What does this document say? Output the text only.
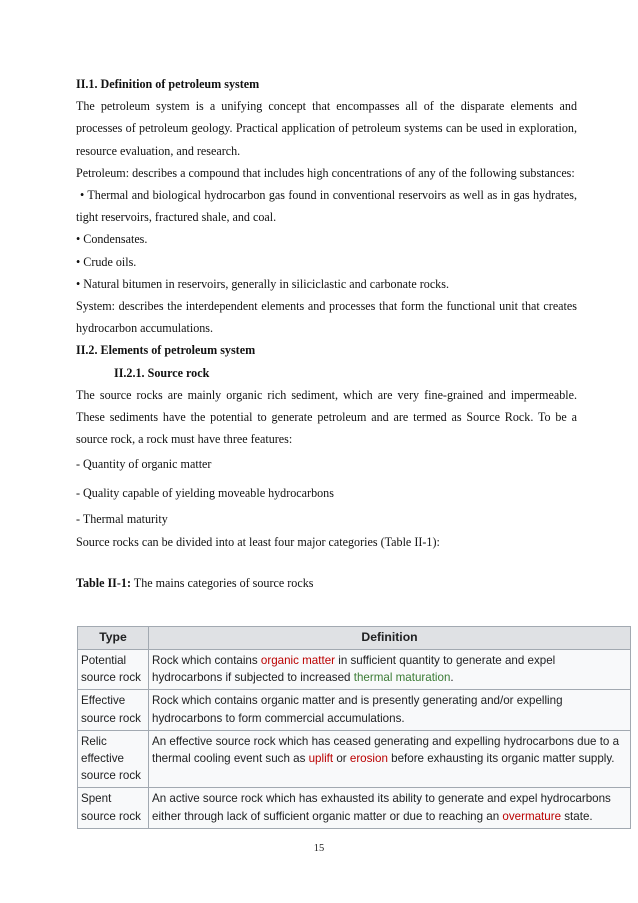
II.1. Definition of petroleum system

The petroleum system is a unifying concept that encompasses all of the disparate elements and processes of petroleum geology. Practical application of petroleum systems can be used in exploration, resource evaluation, and research.

Petroleum: describes a compound that includes high concentrations of any of the following substances:

• Thermal and biological hydrocarbon gas found in conventional reservoirs as well as in gas hydrates, tight reservoirs, fractured shale, and coal.

• Condensates.

• Crude oils.

• Natural bitumen in reservoirs, generally in siliciclastic and carbonate rocks.

System: describes the interdependent elements and processes that form the functional unit that creates hydrocarbon accumulations.

II.2. Elements of petroleum system

II.2.1. Source rock

The source rocks are mainly organic rich sediment, which are very fine-grained and impermeable. These sediments have the potential to generate petroleum and are termed as Source Rock. To be a source rock, a rock must have three features:

- Quantity of organic matter

- Quality capable of yielding moveable hydrocarbons

- Thermal maturity

Source rocks can be divided into at least four major categories (Table II-1):

Table II-1: The mains categories of source rocks

Type	Definition
Potential source rock	Rock which contains organic matter in sufficient quantity to generate and expel hydrocarbons if subjected to increased thermal maturation.
Effective source rock	Rock which contains organic matter and is presently generating and/or expelling hydrocarbons to form commercial accumulations.
Relic effective source rock	An effective source rock which has ceased generating and expelling hydrocarbons due to a thermal cooling event such as uplift or erosion before exhausting its organic matter supply.
Spent source rock	An active source rock which has exhausted its ability to generate and expel hydrocarbons either through lack of sufficient organic matter or due to reaching an overmature state.
15
